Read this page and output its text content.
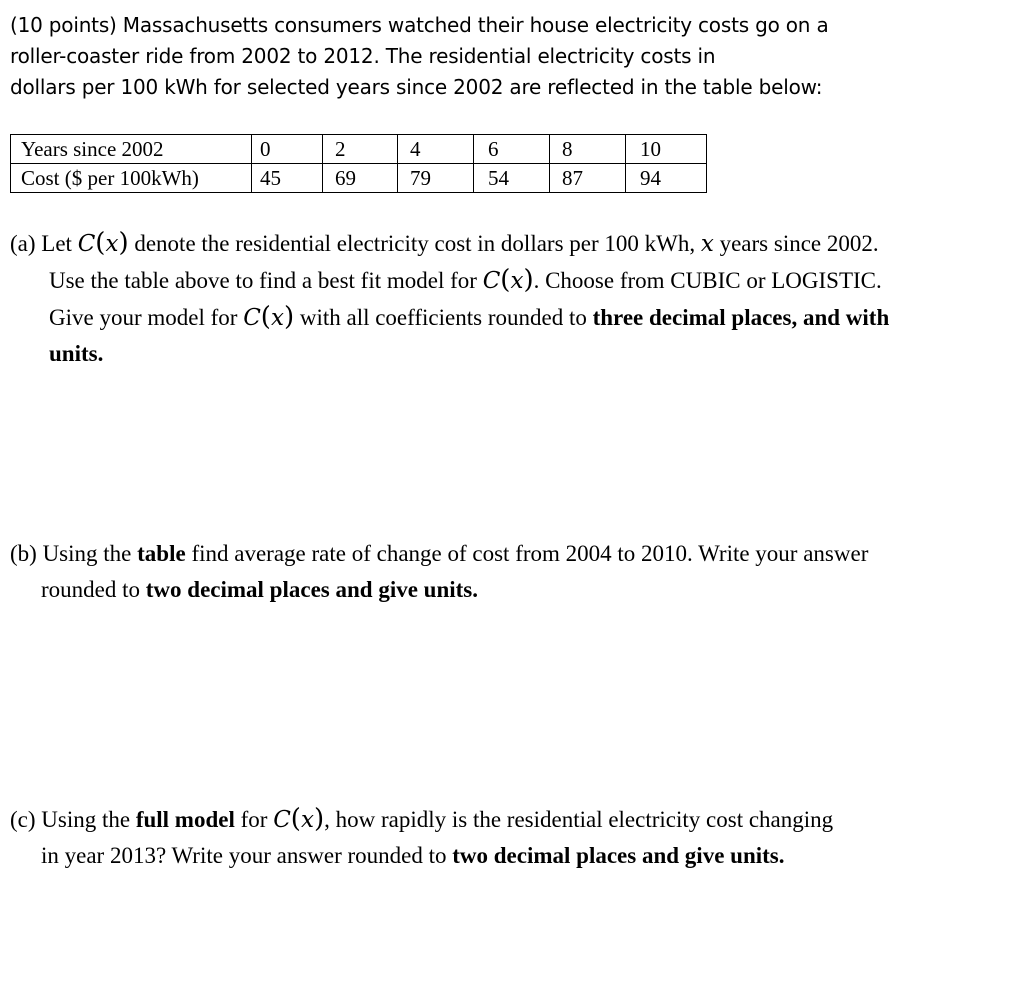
(10 points) Massachusetts consumers watched their house electricity costs go on a
roller-coaster ride from 2002 to 2012. The residential electricity costs in
dollars per 100 kWh for selected years since 2002 are reflected in the table below:
Years since 2002	0	2	4	6	8	10
Cost ($ per 100kWh)	45	69	79	54	87	94
(a) Let C(x) denote the residential electricity cost in dollars per 100 kWh, x years since 2002.
Use the table above to find a best fit model for C(x). Choose from CUBIC or LOGISTIC.
Give your model for C(x) with all coefficients rounded to three decimal places, and with
units.
(b) Using the table find average rate of change of cost from 2004 to 2010. Write your answer
rounded to two decimal places and give units.
(c) Using the full model for C(x), how rapidly is the residential electricity cost changing
in year 2013? Write your answer rounded to two decimal places and give units.
